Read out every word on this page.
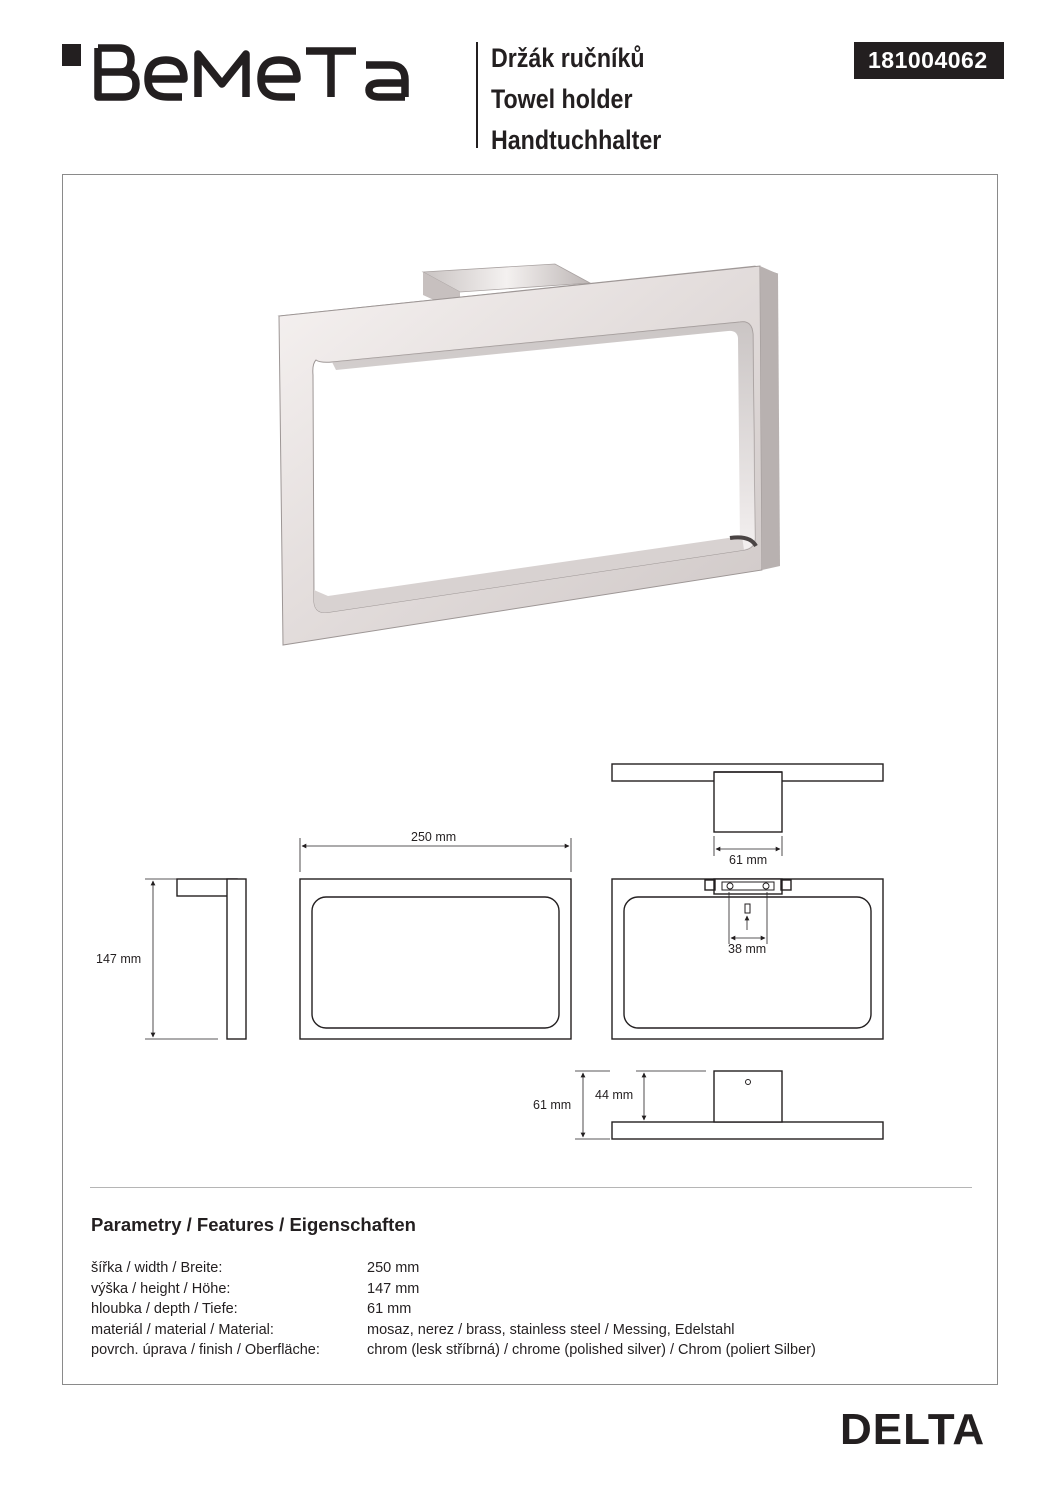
Držák ručníků
Towel holder
Handtuchhalter
181004062
250 mm
147 mm
61 mm
38 mm
61 mm
44 mm
Parametry / Features / Eigenschaften
šířka / width / Breite:	250 mm
výška / height / Höhe:	147 mm
hloubka / depth / Tiefe:	61 mm
materiál / material / Material:	mosaz, nerez / brass, stainless steel / Messing, Edelstahl
povrch. úprava / finish / Oberfläche:	chrom (lesk stříbrná) / chrome (polished silver) / Chrom (poliert Silber)
DELTA
